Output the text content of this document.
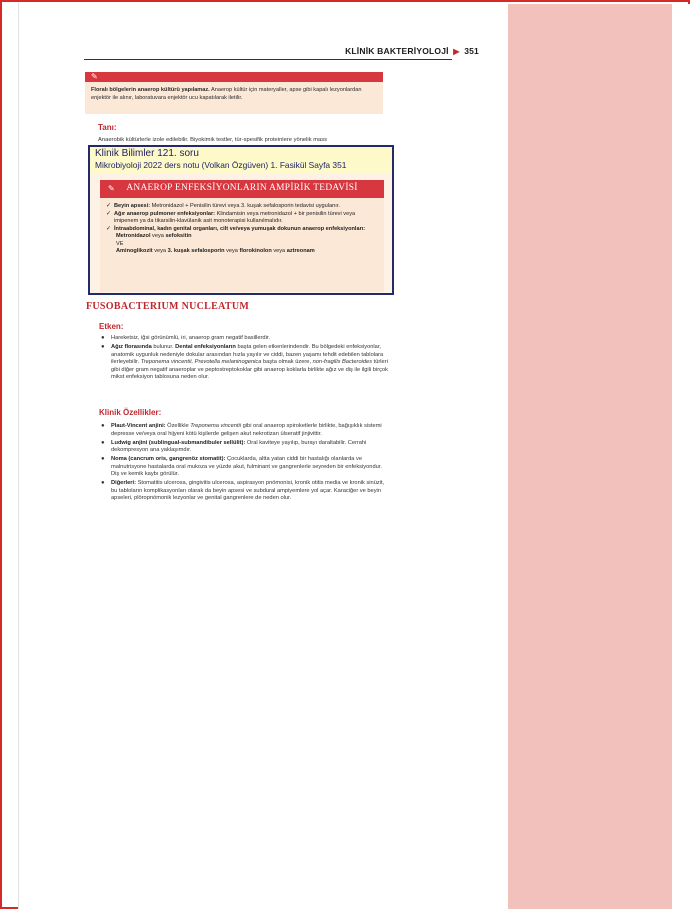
KLİNİK BAKTERİYOLOJİ ▶ 351
✎
Floralı bölgelerin anaerop kültürü yapılamaz. Anaerop kültür için materyaller, apse gibi kapalı lezyonlardan enjektör ile alınır, laboratuvara enjektör ucu kapatılarak iletilir.
Tanı:
Anaerobik kültürlerle izole edilebilir. Biyokimik testler, tür-spesifik proteinlere yönelik mass
Klinik Bilimler 121. soru
Mikrobiyoloji 2022 ders notu (Volkan Özgüven) 1. Fasikül Sayfa 351
✎	ANAEROP ENFEKSİYONLARIN AMPİRİK TEDAVİSİ
✓ Beyin apsesi: Metronidazol + Penisilin türevi veya 3. kuşak sefalosporin tedavisi uygulanır.
✓ Ağır anaerop pulmoner enfeksiyonlar: Klindamisin veya metronidazol + bir penisilin türevi veya imipenem ya da tikarsilin-klavülanik asit monoterapisi kullanılmalıdır.
✓ İntraabdominal, kadın genital organları, cilt ve/veya yumuşak dokunun anaerop enfeksiyonları:
Metronidazol veya sefoksitin
VE
Aminoglikozit veya 3. kuşak sefalosporin veya florokinolon veya aztreonam
FUSOBACTERIUM NUCLEATUM
Etken:
● Hareketsiz, iğsi görünümlü, iri, anaerop gram negatif basillerdir.
● Ağız florasında bulunur. Dental enfeksiyonların başta gelen etkenlerindendir. Bu bölgedeki enfeksiyonlar, anatomik uygunluk nedeniyle dokular arasından hızla yayılır ve ciddi, bazen yaşamı tehdit edebilen tablolara ilerleyebilir. Treponema vincentii, Prevotella melaninogenica başta olmak üzere, non-fragilis Bacteroides türleri gibi diğer gram negatif anaeroplar ve peptostreptokoklar gibi anaerop koklarla birlikte ağız ve diş ile ilgili birçok mikst enfeksiyon tablosuna neden olur.
Klinik Özellikler:
● Plaut-Vincent anjini: Özellikle Treponema vincentii gibi oral anaerop spiroketlerle birlikte, bağışıklık sistemi depresse ve/veya oral hijyeni kötü kişilerde gelişen akut nekrotizan ülseratif jinjivittir.
● Ludwig anjini (sublingual-submandibuler sellülit): Oral kaviteye yayılıp, burayı daraltabilir. Cerrahi dekompresyon ana yaklaşımdır.
● Noma (cancrum oris, gangrenöz stomatit): Çocuklarda, altta yatan ciddi bir hastalığı olanlarda ve malnutrisyone hastalarda oral mukoza ve yüzde akut, fulminant ve gangrenlerle seyreden bir enfeksiyondur. Diş ve kemik kaybı görülür.
● Diğerleri: Stomatitis ulcerosa, gingivitis ulcerosa, aspirasyon pnömonisi, kronik otitis media ve kronik sinüzit, bu tabloların komplikasyonları olarak da beyin apsesi ve subdural ampiyemlere yol açar. Karaciğer ve beyin apseleri, plöropnömonik lezyonlar ve genital gangrenlere de neden olur.
